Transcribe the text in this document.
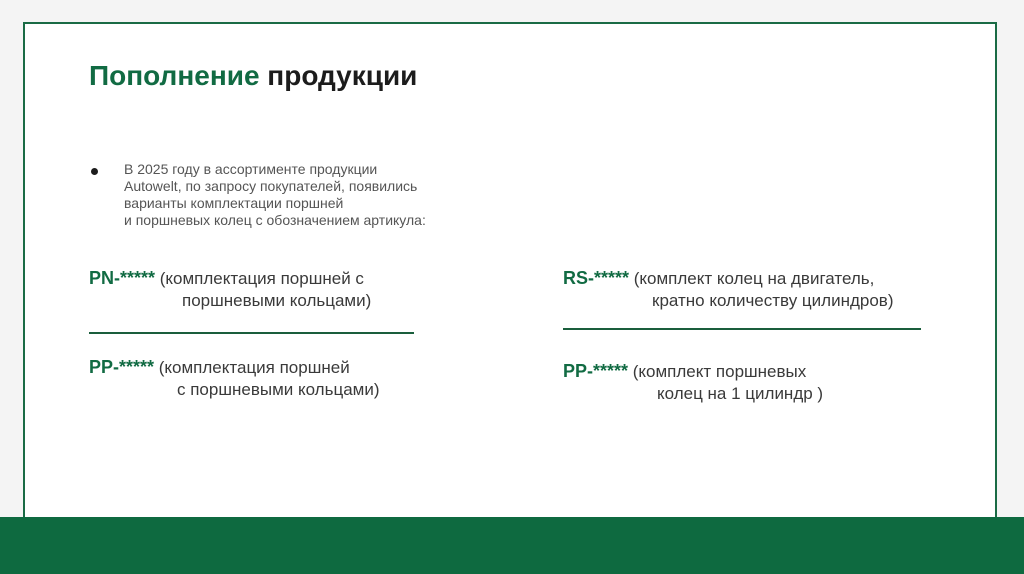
Пополнение продукции
В 2025 году в ассортименте продукции
Autowelt, по запросу покупателей, появились
варианты комплектации поршней
и поршневых колец с обозначением артикула:
PN-***** (комплектация поршней с
поршневыми кольцами)
PP-***** (комплектация поршней
с поршневыми кольцами)
RS-***** (комплект колец на двигатель,
кратно количеству цилиндров)
PP-***** (комплект поршневых
колец на 1 цилиндр )
